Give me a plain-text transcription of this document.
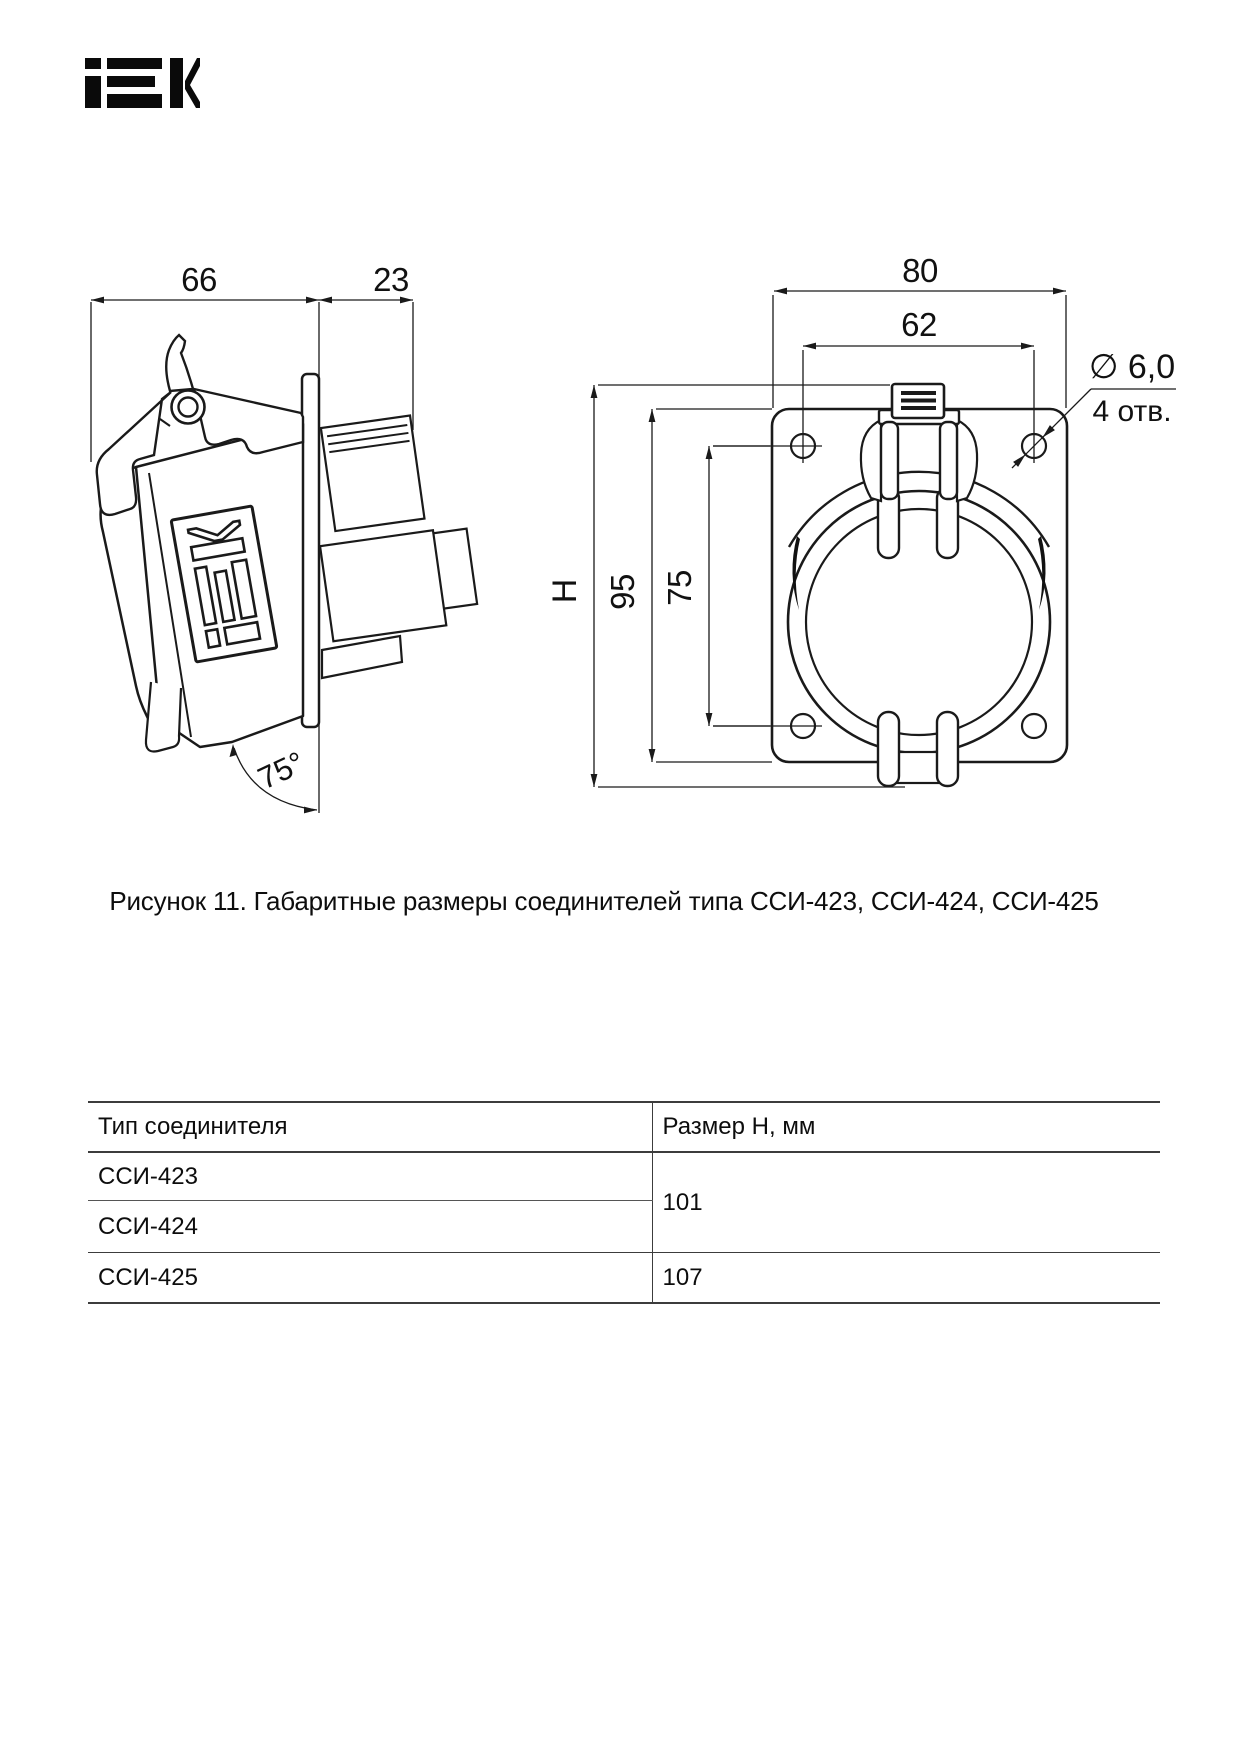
66	23
75°
80
62
H 95 75
∅ 6,0
4 отв.
Рисунок 11. Габаритные размеры соединителей типа ССИ-423, ССИ-424, ССИ-425
Тип соединителя	Размер H, мм
ССИ-423	101
ССИ-424	
ССИ-425	107
